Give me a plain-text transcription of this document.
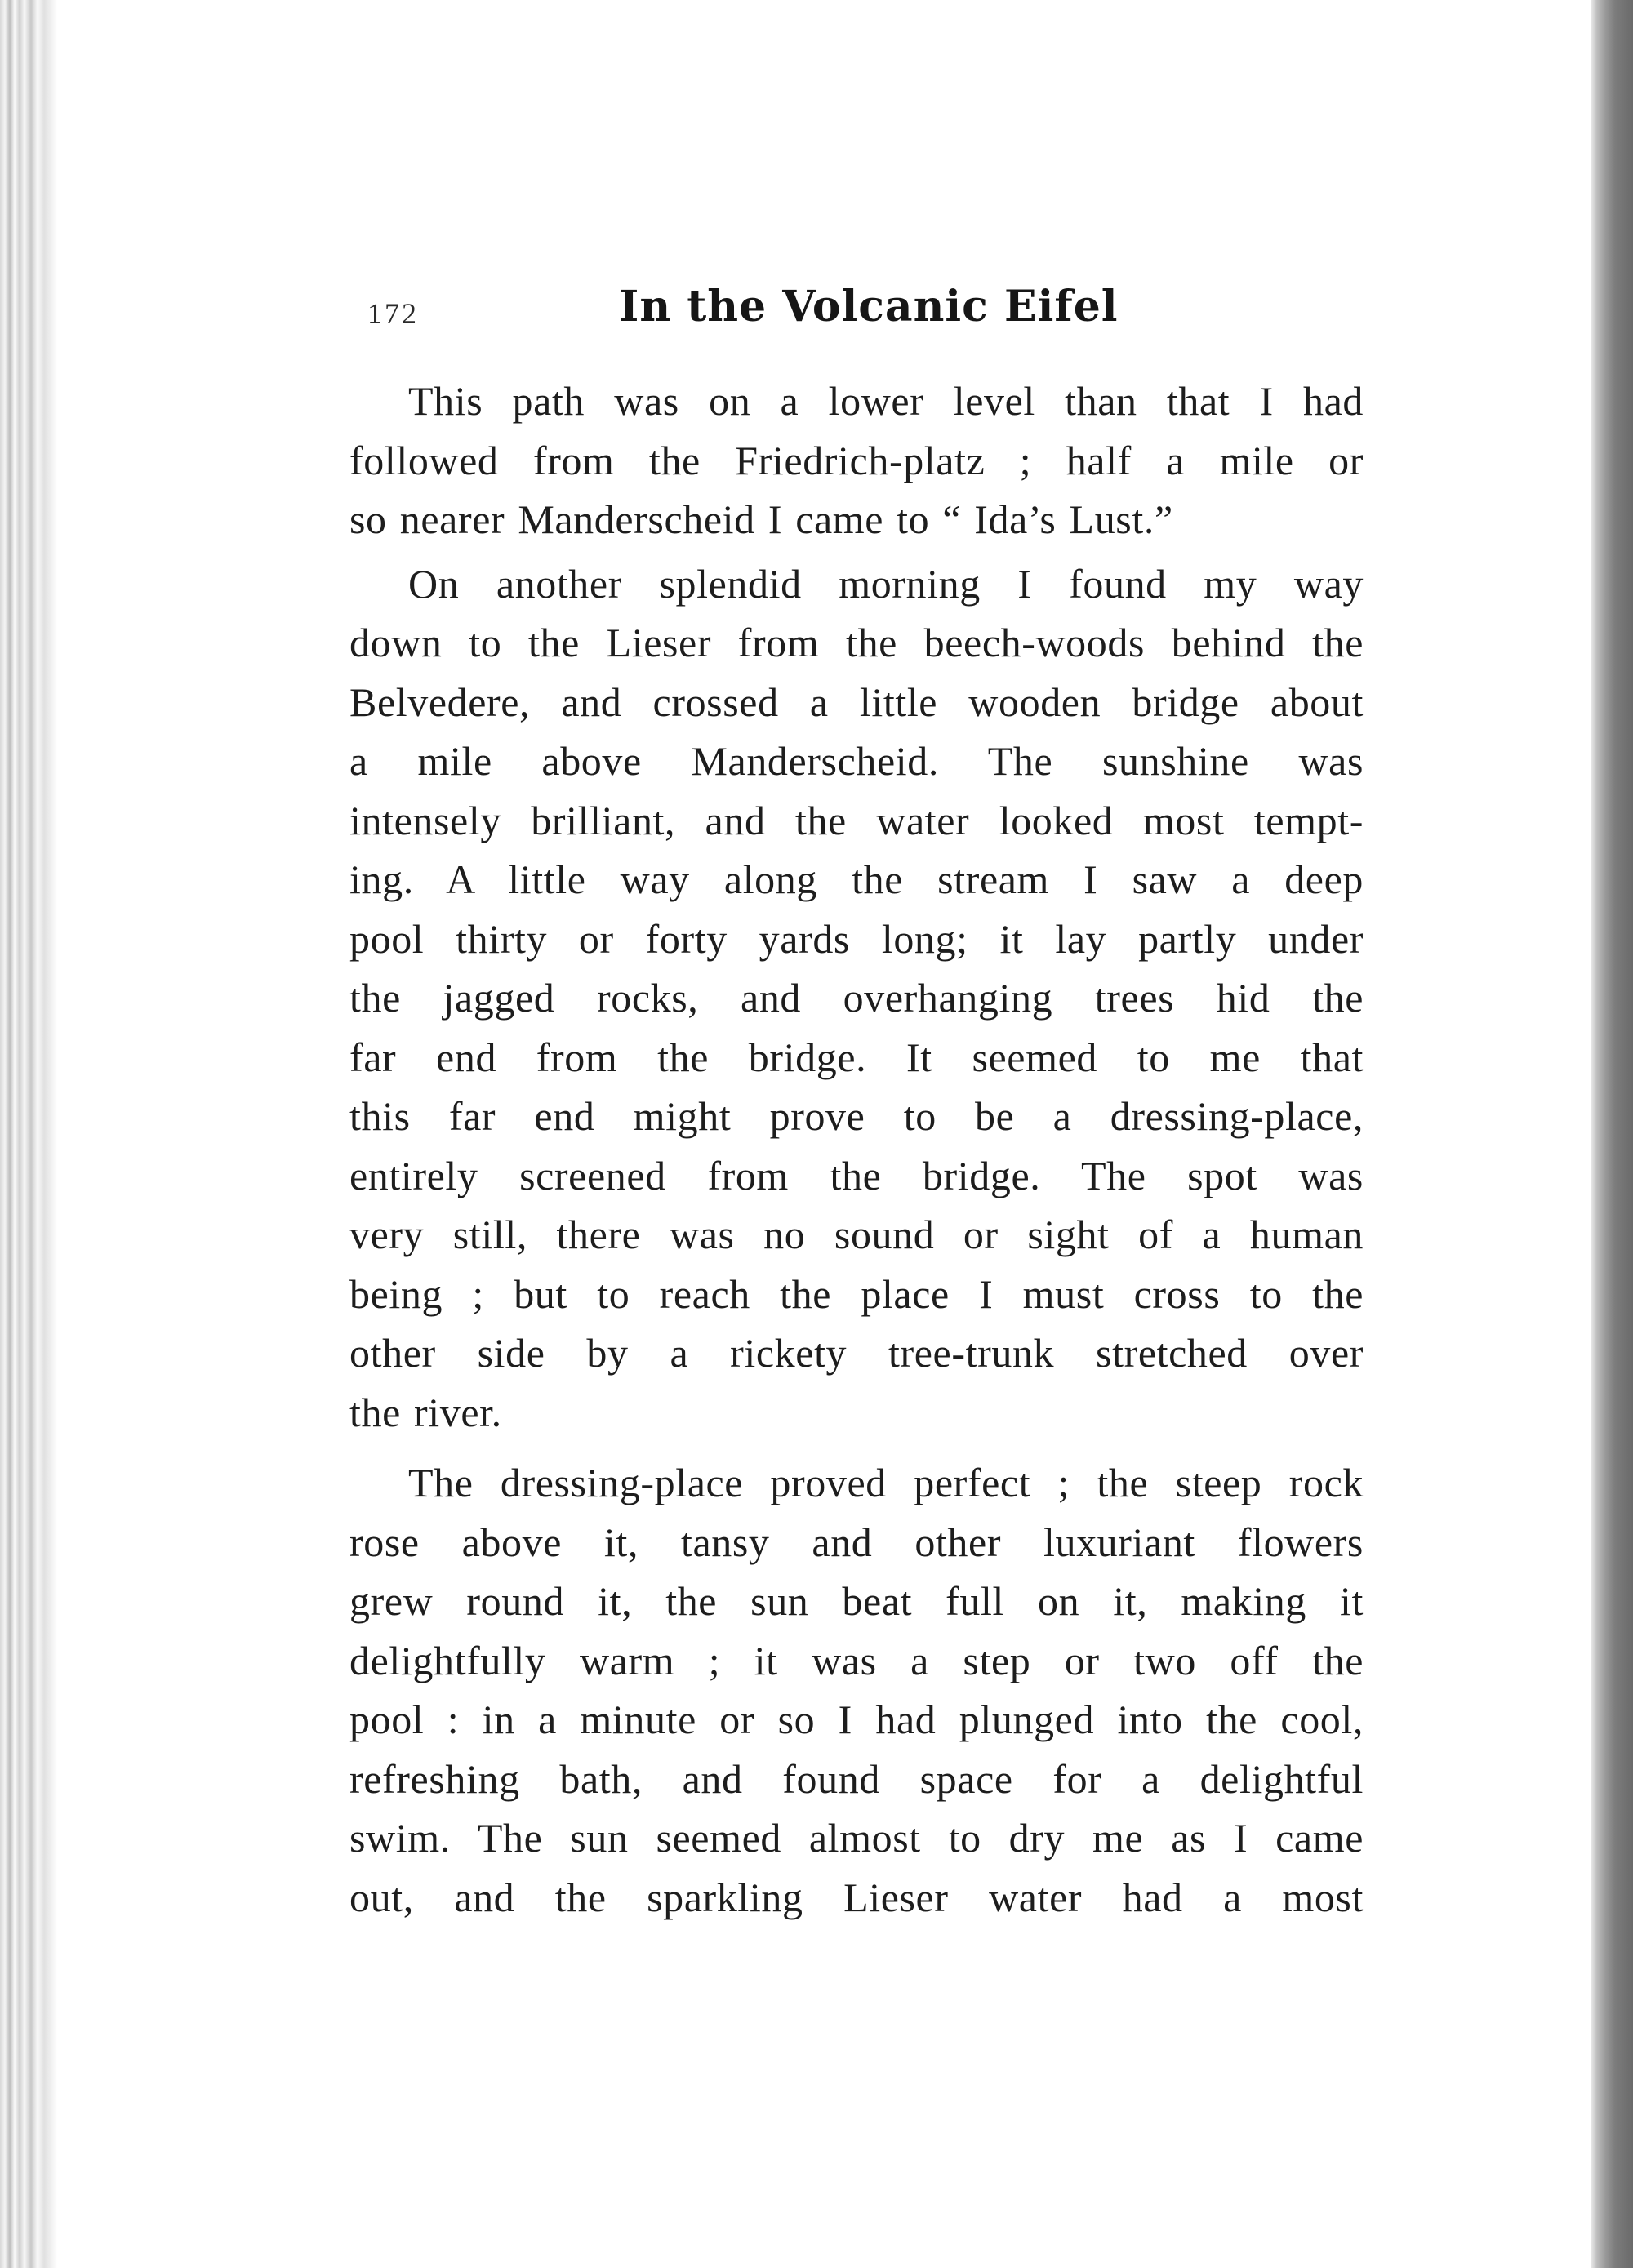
172	In the Volcanic Eifel

This path was on a lower level than that I had
followed from the Friedrich-platz ; half a mile or
so nearer Manderscheid I came to “ Ida’s Lust.”

On another splendid morning I found my way
down to the Lieser from the beech-woods behind the
Belvedere, and crossed a little wooden bridge about
a mile above Manderscheid. The sunshine was
intensely brilliant, and the water looked most tempt-
ing. A little way along the stream I saw a deep
pool thirty or forty yards long; it lay partly under
the jagged rocks, and overhanging trees hid the
far end from the bridge. It seemed to me that
this far end might prove to be a dressing-place,
entirely screened from the bridge. The spot was
very still, there was no sound or sight of a human
being ; but to reach the place I must cross to the
other side by a rickety tree-trunk stretched over
the river.

The dressing-place proved perfect ; the steep rock
rose above it, tansy and other luxuriant flowers
grew round it, the sun beat full on it, making it
delightfully warm ; it was a step or two off the
pool : in a minute or so I had plunged into the cool,
refreshing bath, and found space for a delightful
swim. The sun seemed almost to dry me as I came
out, and the sparkling Lieser water had a most
